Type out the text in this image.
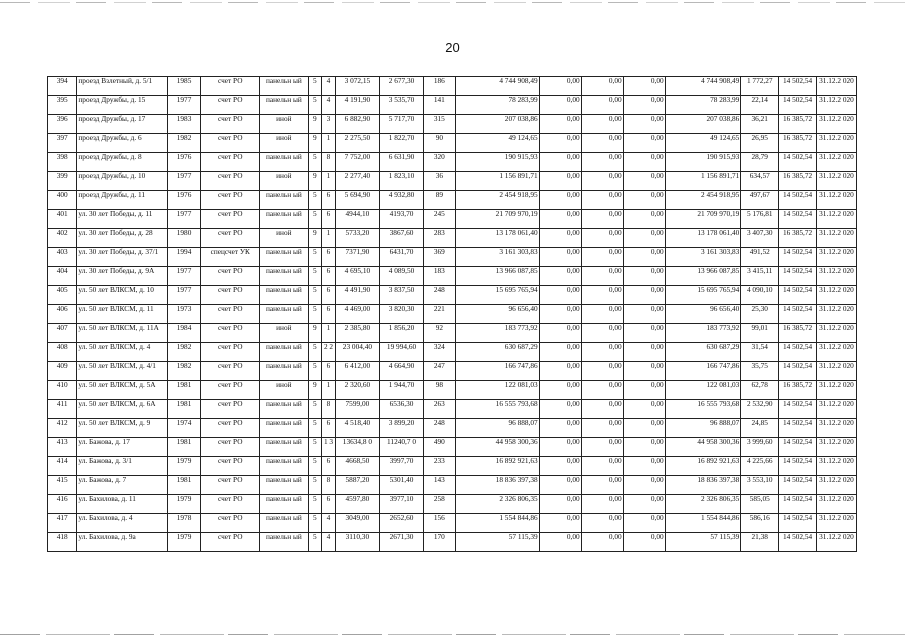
20
394	проезд Взлетный, д. 5/1	1985	счет РО	панельн ый	5	4	3 072,15	2 677,30	186	4 744 908,49	0,00	0,00	0,00	4 744 908,49	1 772,27	14 502,54	31.12.2 020
395	проезд Дружбы, д. 15	1977	счет РО	панельн ый	5	4	4 191,90	3 535,70	141	78 283,99	0,00	0,00	0,00	78 283,99	22,14	14 502,54	31.12.2 020
396	проезд Дружбы, д. 17	1983	счет РО	иной	9	3	6 882,90	5 717,70	315	207 038,86	0,00	0,00	0,00	207 038,86	36,21	16 385,72	31.12.2 020
397	проезд Дружбы, д. 6	1982	счет РО	иной	9	1	2 275,50	1 822,70	90	49 124,65	0,00	0,00	0,00	49 124,65	26,95	16 385,72	31.12.2 020
398	проезд Дружбы, д. 8	1976	счет РО	панельн ый	5	8	7 752,00	6 631,90	320	190 915,93	0,00	0,00	0,00	190 915,93	28,79	14 502,54	31.12.2 020
399	проезд Дружбы, д. 10	1977	счет РО	иной	9	1	2 277,40	1 823,10	36	1 156 891,71	0,00	0,00	0,00	1 156 891,71	634,57	16 385,72	31.12.2 020
400	проезд Дружбы, д. 11	1976	счет РО	панельн ый	5	6	5 694,90	4 932,80	89	2 454 918,95	0,00	0,00	0,00	2 454 918,95	497,67	14 502,54	31.12.2 020
401	ул. 30 лет Победы, д. 11	1977	счет РО	панельн ый	5	6	4944,10	4193,70	245	21 709 970,19	0,00	0,00	0,00	21 709 970,19	5 176,81	14 502,54	31.12.2 020
402	ул. 30 лет Победы, д. 28	1980	счет РО	иной	9	1	5733,20	3867,60	283	13 178 061,40	0,00	0,00	0,00	13 178 061,40	3 407,30	16 385,72	31.12.2 020
403	ул. 30 лет Победы, д. 37/1	1994	спецсчет УК	панельн ый	5	6	7371,90	6431,70	369	3 161 303,83	0,00	0,00	0,00	3 161 303,83	491,52	14 502,54	31.12.2 020
404	ул. 30 лет Победы, д. 9А	1977	счет РО	панельн ый	5	6	4 695,10	4 089,50	183	13 966 087,85	0,00	0,00	0,00	13 966 087,85	3 415,11	14 502,54	31.12.2 020
405	ул. 50 лет ВЛКСМ, д. 10	1977	счет РО	панельн ый	5	6	4 491,90	3 837,50	248	15 695 765,94	0,00	0,00	0,00	15 695 765,94	4 090,10	14 502,54	31.12.2 020
406	ул. 50 лет ВЛКСМ, д. 11	1973	счет РО	панельн ый	5	6	4 469,00	3 820,30	221	96 656,40	0,00	0,00	0,00	96 656,40	25,30	14 502,54	31.12.2 020
407	ул. 50 лет ВЛКСМ, д. 11А	1984	счет РО	иной	9	1	2 385,80	1 856,20	92	183 773,92	0,00	0,00	0,00	183 773,92	99,01	16 385,72	31.12.2 020
408	ул. 50 лет ВЛКСМ, д. 4	1982	счет РО	панельн ый	5	2 2	23 004,40	19 994,60	324	630 687,29	0,00	0,00	0,00	630 687,29	31,54	14 502,54	31.12.2 020
409	ул. 50 лет ВЛКСМ, д. 4/1	1982	счет РО	панельн ый	5	6	6 412,00	4 664,90	247	166 747,86	0,00	0,00	0,00	166 747,86	35,75	14 502,54	31.12.2 020
410	ул. 50 лет ВЛКСМ, д. 5А	1981	счет РО	иной	9	1	2 320,60	1 944,70	98	122 081,03	0,00	0,00	0,00	122 081,03	62,78	16 385,72	31.12.2 020
411	ул. 50 лет ВЛКСМ, д. 6А	1981	счет РО	панельн ый	5	8	7599,00	6536,30	263	16 555 793,68	0,00	0,00	0,00	16 555 793,68	2 532,90	14 502,54	31.12.2 020
412	ул. 50 лет ВЛКСМ, д. 9	1974	счет РО	панельн ый	5	6	4 518,40	3 899,20	248	96 888,07	0,00	0,00	0,00	96 888,07	24,85	14 502,54	31.12.2 020
413	ул. Бажова, д. 17	1981	счет РО	панельн ый	5	1 3	13634,8 0	11240,7 0	490	44 958 300,36	0,00	0,00	0,00	44 958 300,36	3 999,60	14 502,54	31.12.2 020
414	ул. Бажова, д. 3/1	1979	счет РО	панельн ый	5	6	4668,50	3997,70	233	16 892 921,63	0,00	0,00	0,00	16 892 921,63	4 225,66	14 502,54	31.12.2 020
415	ул. Бажова, д. 7	1981	счет РО	панельн ый	5	8	5887,20	5301,40	143	18 836 397,38	0,00	0,00	0,00	18 836 397,38	3 553,10	14 502,54	31.12.2 020
416	ул. Бахилова, д. 11	1979	счет РО	панельн ый	5	6	4597,80	3977,10	258	2 326 806,35	0,00	0,00	0,00	2 326 806,35	585,05	14 502,54	31.12.2 020
417	ул. Бахилова, д. 4	1978	счет РО	панельн ый	5	4	3049,00	2652,60	156	1 554 844,86	0,00	0,00	0,00	1 554 844,86	586,16	14 502,54	31.12.2 020
418	ул. Бахилова, д. 9а	1979	счет РО	панельн ый	5	4	3110,30	2671,30	170	57 115,39	0,00	0,00	0,00	57 115,39	21,38	14 502,54	31.12.2 020
